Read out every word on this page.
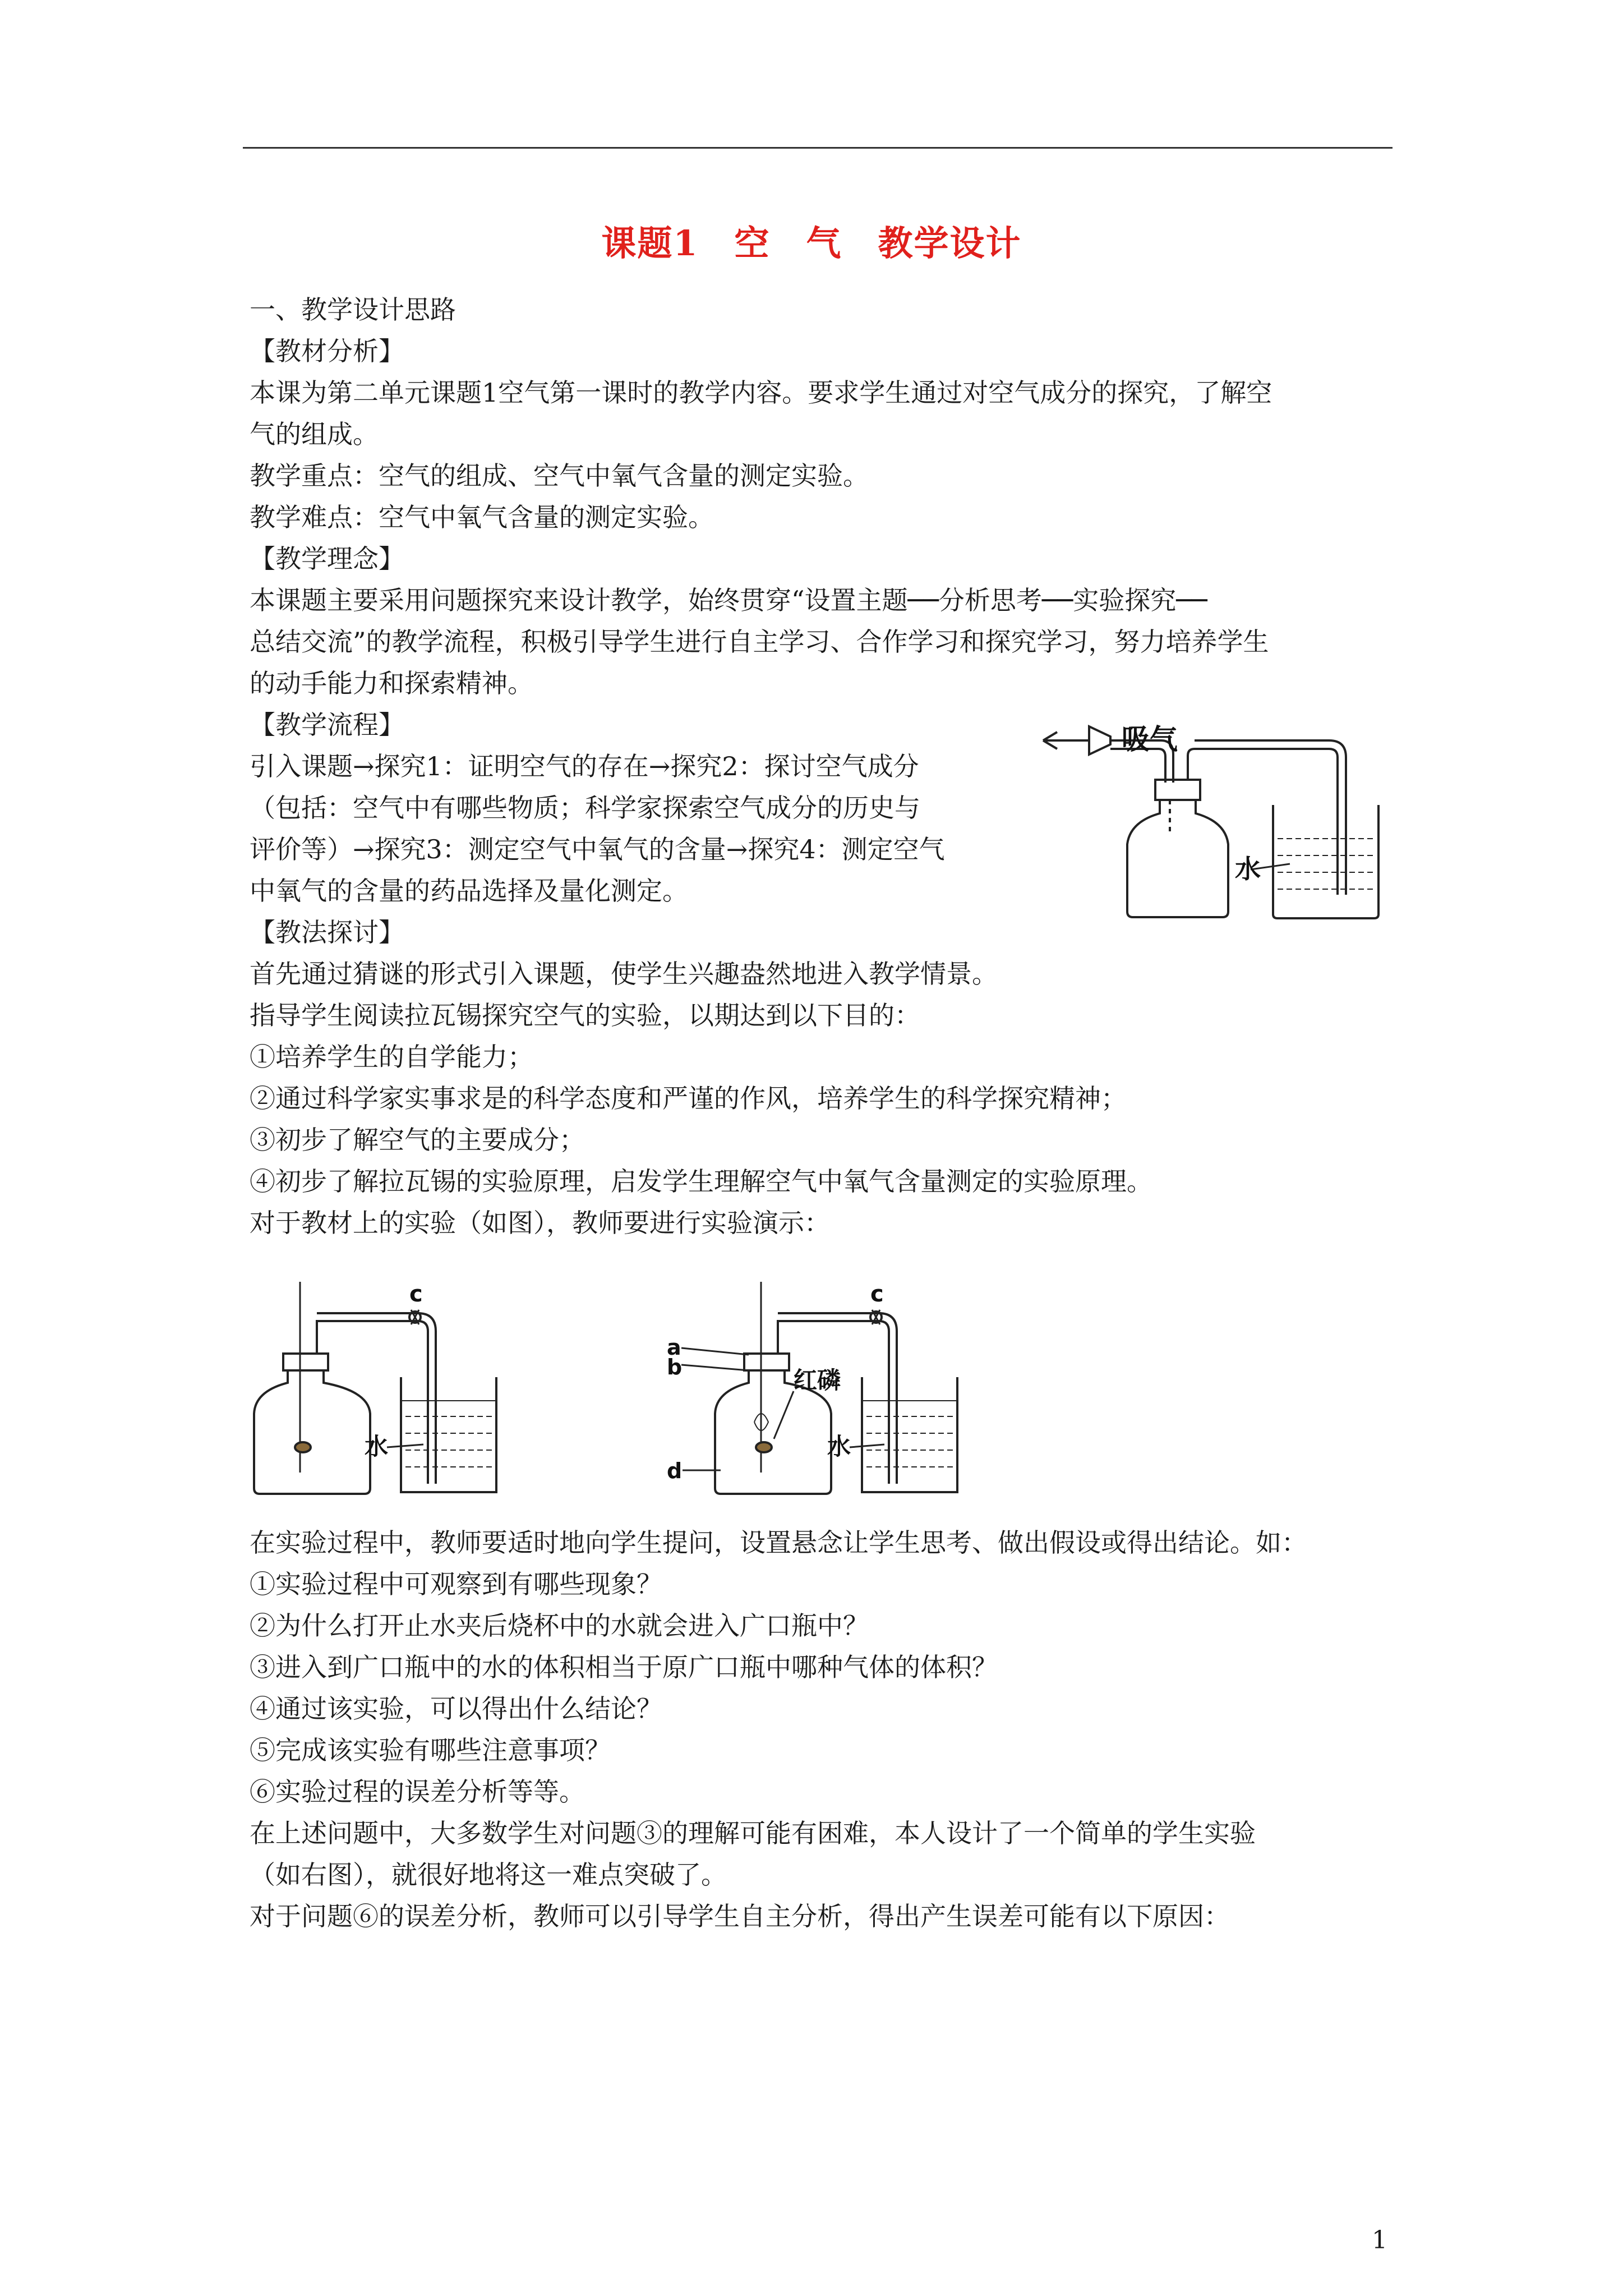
课题1　空　气　教学设计
一、教学设计思路
【教材分析】
本课为第二单元课题1空气第一课时的教学内容。要求学生通过对空气成分的探究，了解空
气的组成。
教学重点：空气的组成、空气中氧气含量的测定实验。
教学难点：空气中氧气含量的测定实验。
【教学理念】
本课题主要采用问题探究来设计教学，始终贯穿“设置主题──分析思考──实验探究──
总结交流”的教学流程，积极引导学生进行自主学习、合作学习和探究学习，努力培养学生
的动手能力和探索精神。
【教学流程】
引入课题→探究1：证明空气的存在→探究2：探讨空气成分
（包括：空气中有哪些物质；科学家探索空气成分的历史与
评价等）→探究3：测定空气中氧气的含量→探究4：测定空气
中氧气的含量的药品选择及量化测定。
吸气
水
【教法探讨】
首先通过猜谜的形式引入课题，使学生兴趣盎然地进入教学情景。
指导学生阅读拉瓦锡探究空气的实验，以期达到以下目的：
①培养学生的自学能力；
②通过科学家实事求是的科学态度和严谨的作风，培养学生的科学探究精神；
③初步了解空气的主要成分；
④初步了解拉瓦锡的实验原理，启发学生理解空气中氧气含量测定的实验原理。
对于教材上的实验（如图），教师要进行实验演示：
c
水
c
a
b
d
红磷
水
在实验过程中，教师要适时地向学生提问，设置悬念让学生思考、做出假设或得出结论。如：
①实验过程中可观察到有哪些现象？
②为什么打开止水夹后烧杯中的水就会进入广口瓶中？
③进入到广口瓶中的水的体积相当于原广口瓶中哪种气体的体积？
④通过该实验，可以得出什么结论？
⑤完成该实验有哪些注意事项？
⑥实验过程的误差分析等等。
在上述问题中，大多数学生对问题③的理解可能有困难，本人设计了一个简单的学生实验
（如右图），就很好地将这一难点突破了。
对于问题⑥的误差分析，教师可以引导学生自主分析，得出产生误差可能有以下原因：
1
